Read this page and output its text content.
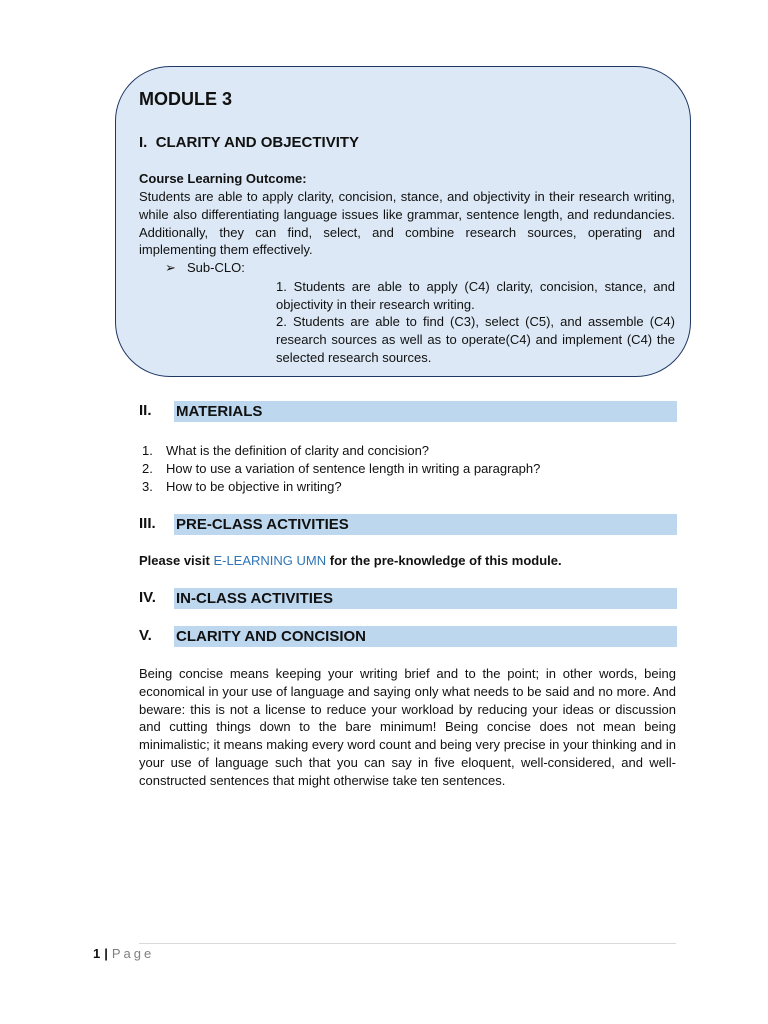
MODULE 3
I. CLARITY AND OBJECTIVITY
Course Learning Outcome:
Students are able to apply clarity, concision, stance, and objectivity in their research writing, while also differentiating language issues like grammar, sentence length, and redundancies. Additionally, they can find, select, and combine research sources, operating and implementing them effectively.
➢ Sub-CLO:
1. Students are able to apply (C4) clarity, concision, stance, and objectivity in their research writing.
2. Students are able to find (C3), select (C5), and assemble (C4) research sources as well as to operate(C4) and implement (C4) the selected research sources.
II. MATERIALS
1. What is the definition of clarity and concision?
2. How to use a variation of sentence length in writing a paragraph?
3. How to be objective in writing?
III. PRE-CLASS ACTIVITIES
Please visit E-LEARNING UMN for the pre-knowledge of this module.
IV. IN-CLASS ACTIVITIES
V. CLARITY AND CONCISION
Being concise means keeping your writing brief and to the point; in other words, being economical in your use of language and saying only what needs to be said and no more. And beware: this is not a license to reduce your workload by reducing your ideas or discussion and cutting things down to the bare minimum! Being concise does not mean being minimalistic; it means making every word count and being very precise in your thinking and in your use of language such that you can say in five eloquent, well-considered, and well-constructed sentences that might otherwise take ten sentences.
1 | Page
